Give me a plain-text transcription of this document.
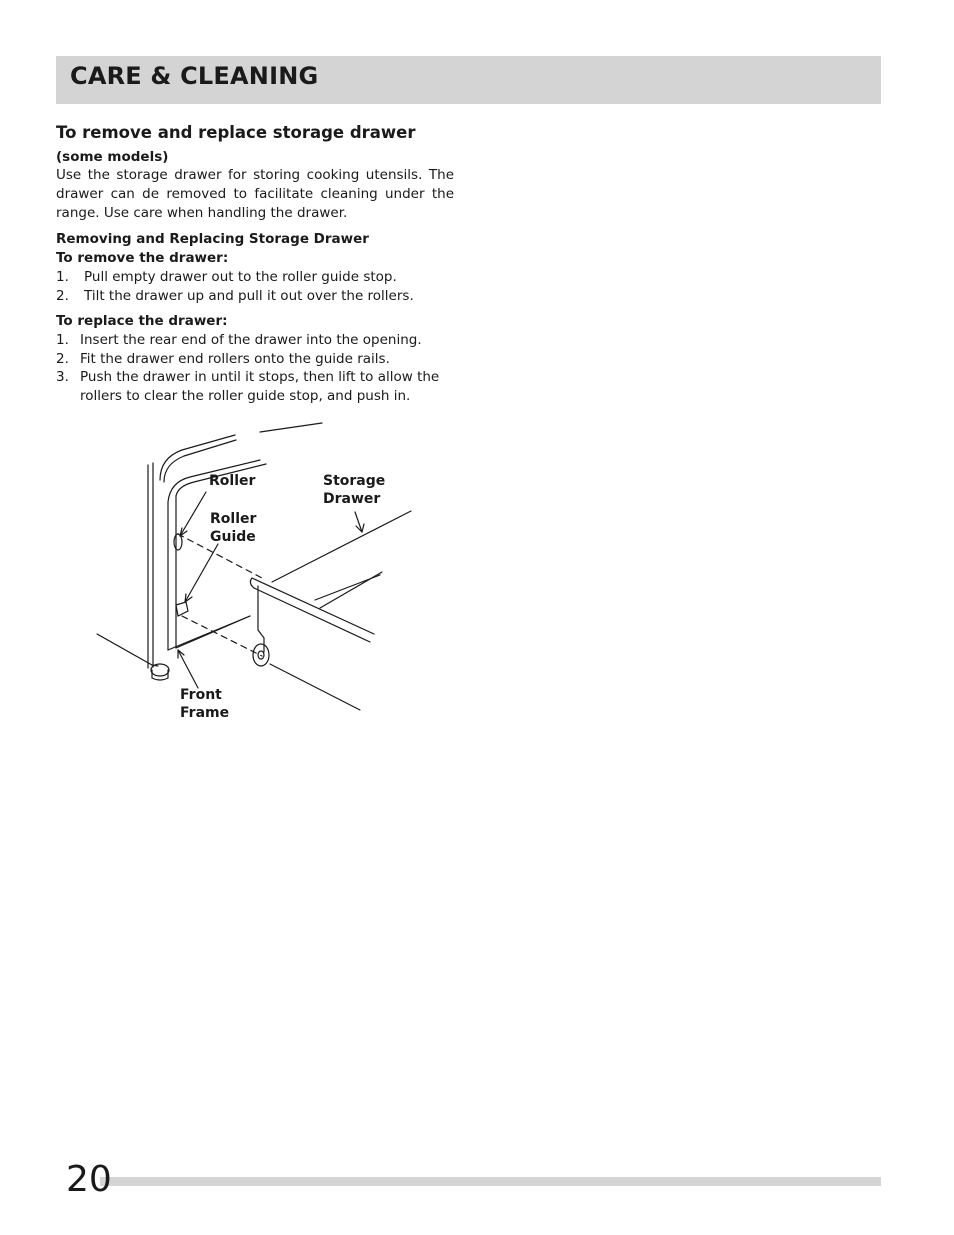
CARE & CLEANING

To remove and replace storage drawer

(some models)

Use the storage drawer for storing cooking utensils. The drawer can de removed to facilitate cleaning under the range. Use care when handling the drawer.

Removing and Replacing Storage Drawer

To remove the drawer:

1. Pull empty drawer out to the roller guide stop.
2. Tilt the drawer up and pull it out over the rollers.

To replace the drawer:

1. Insert the rear end of the drawer into the opening.
2. Fit the drawer end rollers onto the guide rails.
3. Push the drawer in until it stops, then lift to allow the rollers to clear the roller guide stop, and push in.
Roller
Roller Guide
Storage Drawer
Front Frame
20
